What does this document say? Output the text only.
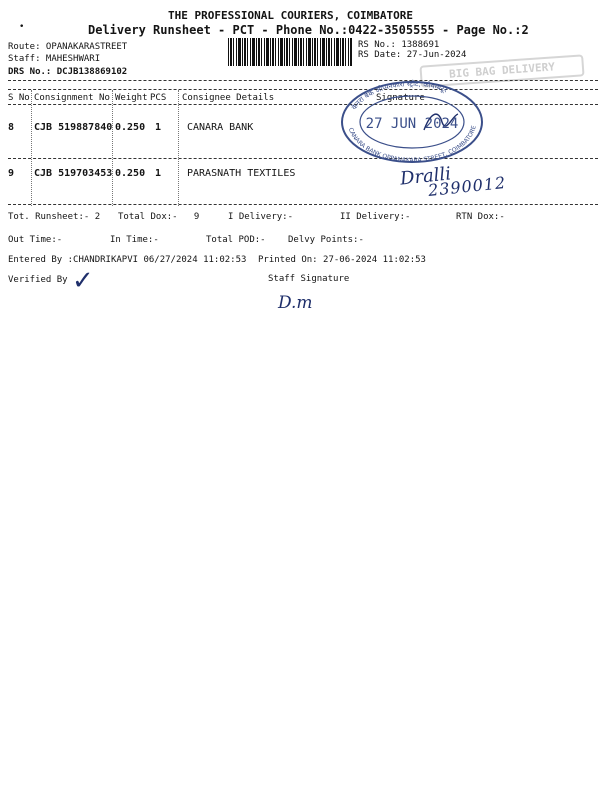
THE PROFESSIONAL COURIERS, COIMBATORE
•	Delivery Runsheet - PCT - Phone No.:0422-3505555 - Page No.:2
Route: OPANAKARASTREET
Staff: MAHESHWARI
DRS No.: DCJB138869102
RS No.: 1388691
RS Date: 27-Jun-2024
BIG BAG DELIVERY
S No Consignment No Weight PCS Consignee Details	Signature
8 CJB 519887840 0.250 1	CANARA BANK
9 CJB 519703453 0.250 1	PARASNATH TEXTILES
केनरा बैंक ओप्पनकारा स्ट्रीट, कोयम्बटूर
CANARA BANK OPPANAKARA STREET, COIMBATORE
27 JUN 2024
Dralli
2390012
Tot. Runsheet:- 2 Total Dox:-   9	I Delivery:-	II Delivery:-	RTN Dox:-
Out Time:-	In Time:-	Total POD:- Delvy Points:-
Entered By :CHANDRIKAPVI 06/27/2024 11:02:53 Printed On: 27-06-2024 11:02:53
Verified By ✓	Staff Signature
D.m
